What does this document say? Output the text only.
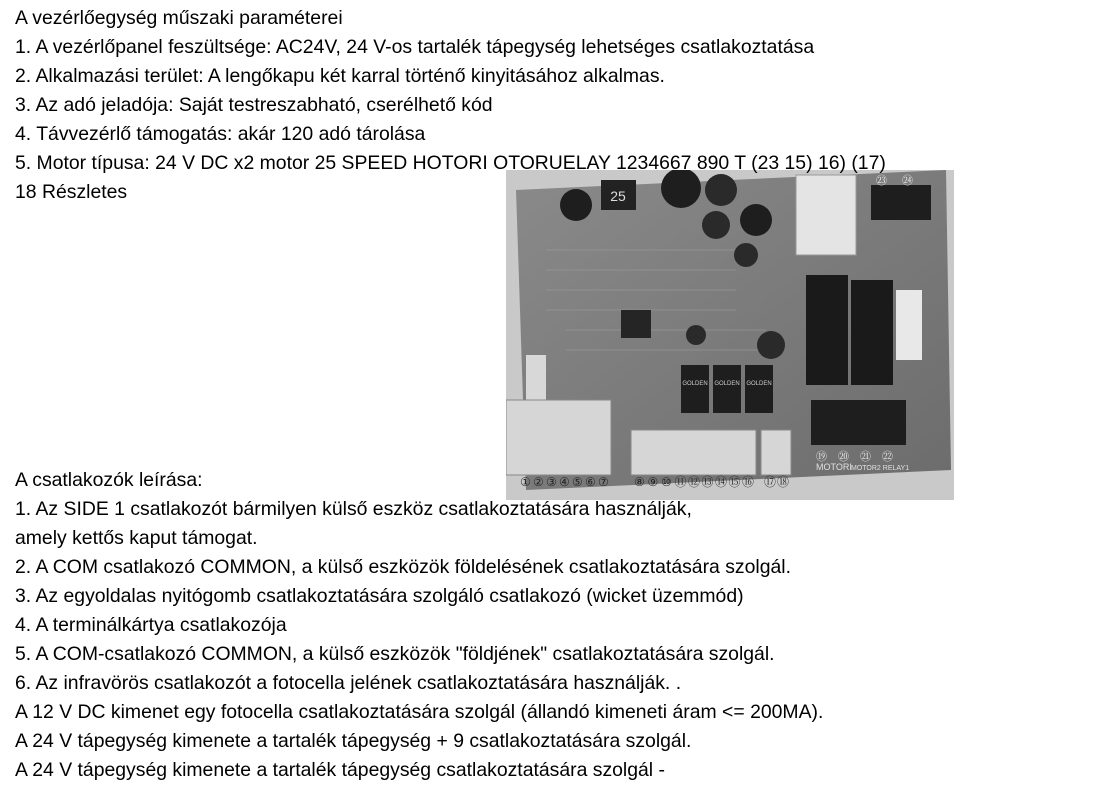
A vezérlőegység műszaki paraméterei

1. A vezérlőpanel feszültsége: AC24V, 24 V-os tartalék tápegység lehetséges csatlakoztatása

2. Alkalmazási terület: A lengőkapu két karral történő kinyitásához alkalmas.

3. Az adó jeladója: Saját testreszabható, cserélhető kód

4. Távvezérlő támogatás: akár 120 adó tárolása

5. Motor típusa: 24 V DC x2 motor 25 SPEED HOTORI OTORUELAY 1234667 890 T (23 15) 16) (17)

18 Részletes	25
GOLDEN GOLDEN GOLDEN
MOTORI MOTOR2 RELAY1
① ② ③ ④ ⑤ ⑥ ⑦ ⑧ ⑨ ⑩ ⑪ ⑫ ⑬ ⑭ ⑮ ⑯ ⑰ ⑱
㉓ ㉔
⑲ ⑳ ㉑ ㉒

A csatlakozók leírása:

1. Az SIDE 1 csatlakozót bármilyen külső eszköz csatlakoztatására használják,

amely kettős kaput támogat.

2. A COM csatlakozó COMMON, a külső eszközök földelésének csatlakoztatására szolgál.

3. Az egyoldalas nyitógomb csatlakoztatására szolgáló csatlakozó (wicket üzemmód)

4. A terminálkártya csatlakozója

5. A COM-csatlakozó COMMON, a külső eszközök "földjének" csatlakoztatására szolgál.

6. Az infravörös csatlakozót a fotocella jelének csatlakoztatására használják. .

A 12 V DC kimenet egy fotocella csatlakoztatására szolgál (állandó kimeneti áram <= 200MA).

A 24 V tápegység kimenete a tartalék tápegység + 9 csatlakoztatására szolgál.

A 24 V tápegység kimenete a tartalék tápegység csatlakoztatására szolgál -
